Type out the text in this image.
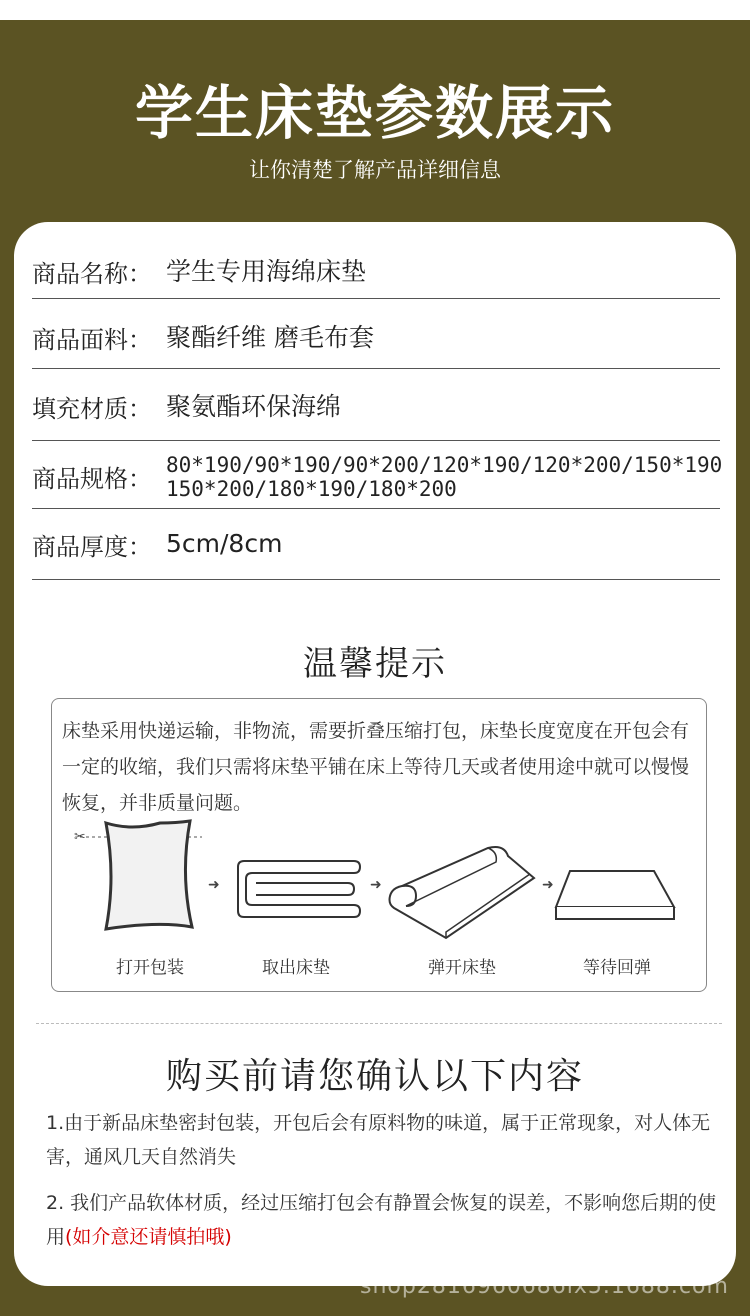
学生床垫参数展示
让你清楚了解产品详细信息
商品名称： 学生专用海绵床垫
商品面料： 聚酯纤维 磨毛布套
填充材质： 聚氨酯环保海绵
商品规格： 80*190/90*190/90*200/120*190/120*200/150*190
150*200/180*190/180*200
商品厚度： 5cm/8cm
温馨提示
床垫采用快递运输，非物流，需要折叠压缩打包，床垫长度宽度在开包会有一定的收缩，我们只需将床垫平铺在床上等待几天或者使用途中就可以慢慢恢复，并非质量问题。
✂
➜	➜	➜
打开包装	取出床垫	弹开床垫	等待回弹
购买前请您确认以下内容
1.由于新品床垫密封包装，开包后会有原料物的味道，属于正常现象，对人体无害，通风几天自然消失
2. 我们产品软体材质，经过压缩打包会有静置会恢复的误差，不影响您后期的使用(如介意还请慎拍哦)
shop2816960686lx5.1688.com
